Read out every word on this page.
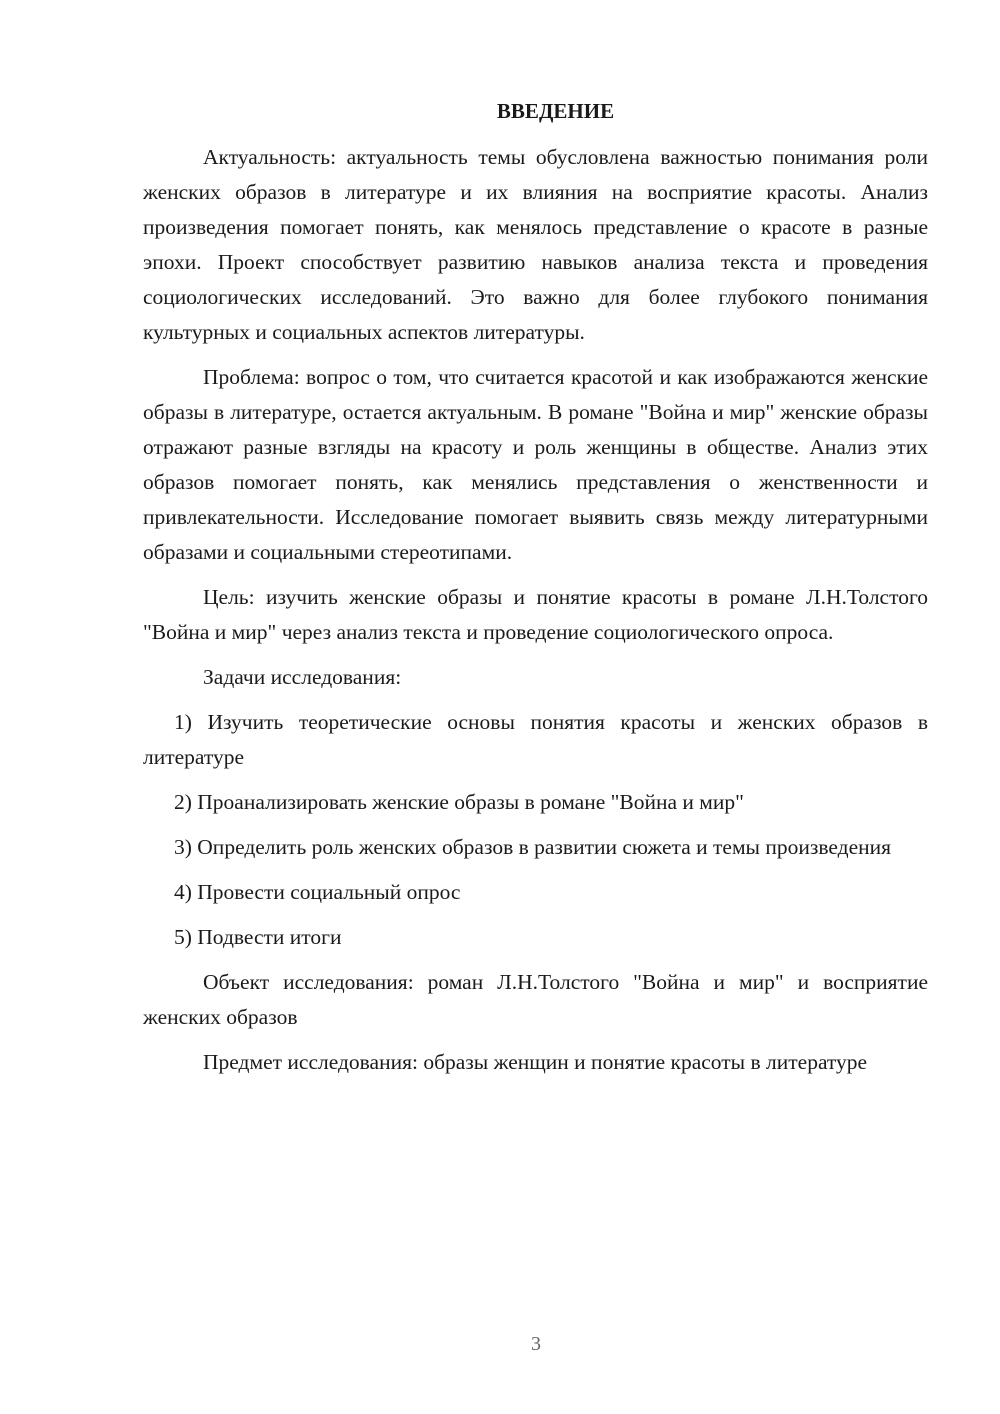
ВВЕДЕНИЕ

Актуальность: актуальность темы обусловлена важностью понимания роли женских образов в литературе и их влияния на восприятие красоты. Анализ произведения помогает понять, как менялось представление о красоте в разные эпохи. Проект способствует развитию навыков анализа текста и проведения социологических исследований. Это важно для более глубокого понимания культурных и социальных аспектов литературы.

Проблема: вопрос о том, что считается красотой и как изображаются женские образы в литературе, остается актуальным. В романе "Война и мир" женские образы отражают разные взгляды на красоту и роль женщины в обществе. Анализ этих образов помогает понять, как менялись представления о женственности и привлекательности. Исследование помогает выявить связь между литературными образами и социальными стереотипами.

Цель: изучить женские образы и понятие красоты в романе Л.Н.Толстого "Война и мир" через анализ текста и проведение социологического опроса.

Задачи исследования:

1) Изучить теоретические основы понятия красоты и женских образов в литературе

2) Проанализировать женские образы в романе "Война и мир"

3) Определить роль женских образов в развитии сюжета и темы произведения

4) Провести социальный опрос

5) Подвести итоги

Объект исследования: роман Л.Н.Толстого "Война и мир" и восприятие женских образов

Предмет исследования: образы женщин и понятие красоты в литературе

3
